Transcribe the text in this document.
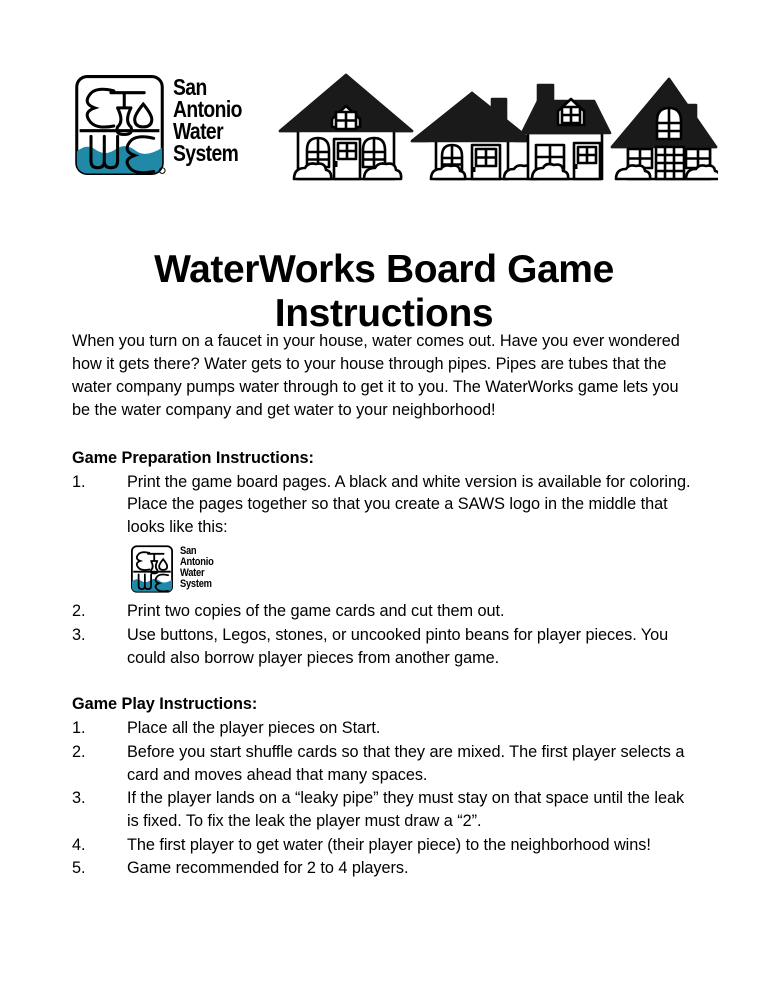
San
Antonio
Water
System
WaterWorks Board Game
Instructions

When you turn on a faucet in your house, water comes out. Have you ever wondered how it gets there? Water gets to your house through pipes. Pipes are tubes that the water company pumps water through to get it to you. The WaterWorks game lets you be the water company and get water to your neighborhood!

Game Preparation Instructions:
1.	Print the game board pages. A black and white version is available for coloring. Place the pages together so that you create a SAWS logo in the middle that looks like this:
San
Antonio
Water
System
2.	Print two copies of the game cards and cut them out.
3.	Use buttons, Legos, stones, or uncooked pinto beans for player pieces. You could also borrow player pieces from another game.
Game Play Instructions:
1.	Place all the player pieces on Start.
2.	Before you start shuffle cards so that they are mixed. The first player selects a card and moves ahead that many spaces.
3.	If the player lands on a “leaky pipe” they must stay on that space until the leak is fixed. To fix the leak the player must draw a “2”.
4.	The first player to get water (their player piece) to the neighborhood wins!
5.	Game recommended for 2 to 4 players.
